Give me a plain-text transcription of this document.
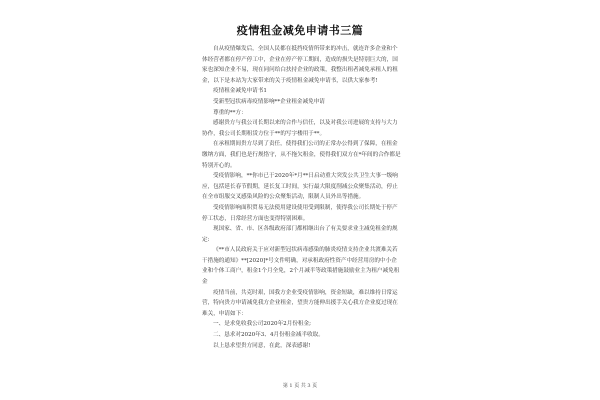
疫情租金减免申请书三篇

自从疫情爆发后，全国人民都在抵挡疫情所带来的冲击，就连许多企业和个体经营者都在停产停工中，企业在停产停工期间，造成的损失是特别巨大的，国家也深知企业不易，现在同问给白扶持企业的政策，我整出租者减免承租人的租金，以下是本站为大家带来的关于疫情租金减免申请书，以供大家参考!

疫情租金减免申请书1

受新型冠状病毒疫情影响**企业租金减免申请

尊重的**方：

感谢贵方与我公司长期以来的合作与信任，以及对我公司进展的支持与大力协作，我公司长期租赁方位于**的写字楼用于**。

在承租期间贵方尽到了责任，使得我们公司的正常办公得到了保障，在租金缴纳方面，我们也是行规恪守，从不拖欠租金，使得我们双方在*年间的合作都是特别开心的。

受疫情影响，**你市已于2020年*月**日启动重大突发公共卫生大事一级响应，包括延长春节假期，延长复工时间，实行最大限度削减公众聚集活动，停止在全市组服交叉感染风险的公众聚集活动，限制人员外出等措施。

受疫情影响面积贸易无法使用建设使用受到限制，使得我公司长期处于停产停工状态，日常经营方面也变得特别困难。

现国家、省、市、区各级政府部门都相继出台了有关要求业主减免租金的规定:

《**市人民政府关于应对新型冠状病毒感染的肺炎疫情支持企业共渡难关若干措施的通知》**[2020]*号文件明确，对承租政府性资产中经营用房的中小企业和个体工商户，租金1个月全免，2个月减半等政策措施鼓励业主为租户减免租金

疫情当前，共克时艰，国我方企业受疫情影响，资金短缺，难以维持日常运营，特向贵方申请减免我方企业租金，望贵方能伸出援手关心我方企业度过现在难关，申请如下：

一、是求免收我公司2020年2月份租金;

二、恳求对2020年3、4月份租金减半收取。

以上恳求望贵方同意，在此，深表感谢!

第 1 页 共 3 页
